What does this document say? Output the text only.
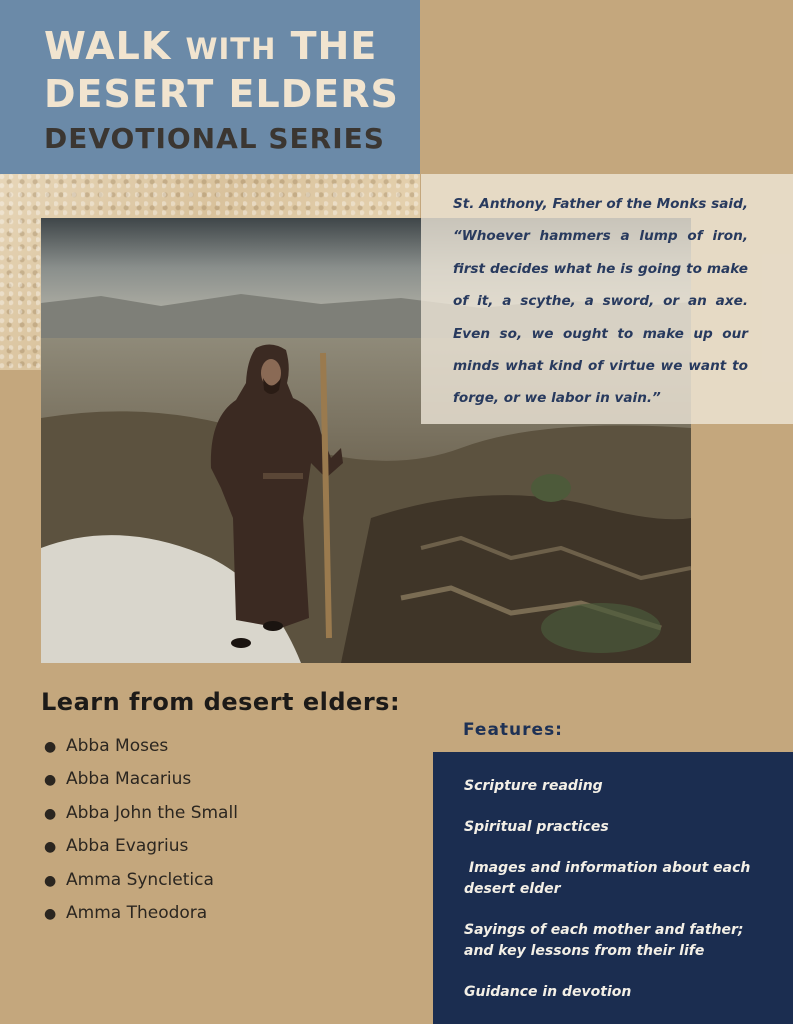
WALK WITH THE
DESERT ELDERS
DEVOTIONAL SERIES
St. Anthony, Father of the Monks said, “Whoever hammers a lump of iron, first decides what he is going to make of it, a scythe, a sword, or an axe. Even so, we ought to make up our minds what kind of virtue we want to forge, or we labor in vain.”
Learn from desert elders:
● Abba Moses
● Abba Macarius
● Abba John the Small
● Abba Evagrius
● Amma Syncletica
● Amma Theodora
Features:
Scripture reading
Spiritual practices
Images and information about each desert elder
Sayings of each mother and father; and key lessons from their life
Guidance in devotion
